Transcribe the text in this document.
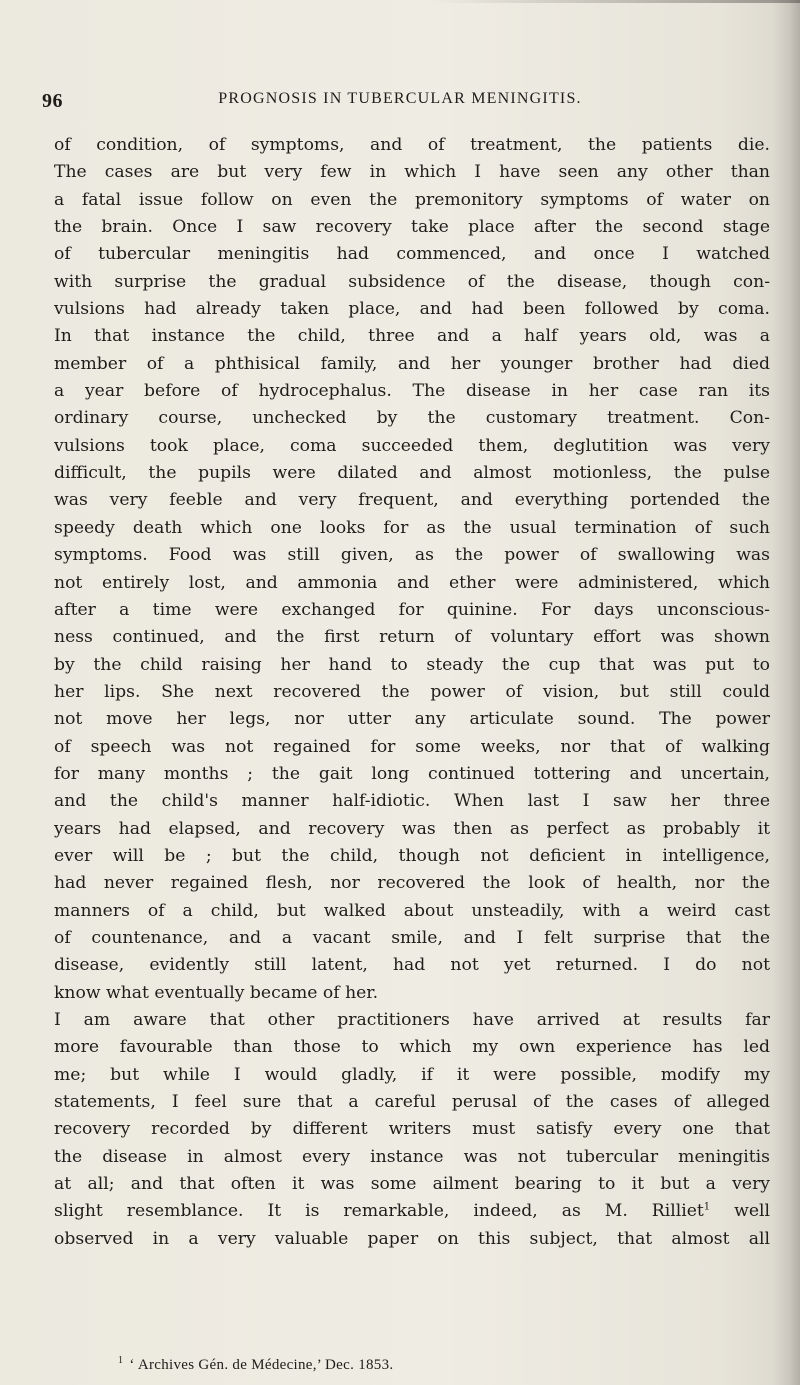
96	PROGNOSIS IN TUBERCULAR MENINGITIS.
of condition, of symptoms, and of treatment, the patients die.
The cases are but very few in which I have seen any other than
a fatal issue follow on even the premonitory symptoms of water on
the brain. Once I saw recovery take place after the second stage
of tubercular meningitis had commenced, and once I watched
with surprise the gradual subsidence of the disease, though con-
vulsions had already taken place, and had been followed by coma.
In that instance the child, three and a half years old, was a
member of a phthisical family, and her younger brother had died
a year before of hydrocephalus. The disease in her case ran its
ordinary course, unchecked by the customary treatment. Con-
vulsions took place, coma succeeded them, deglutition was very
difficult, the pupils were dilated and almost motionless, the pulse
was very feeble and very frequent, and everything portended the
speedy death which one looks for as the usual termination of such
symptoms. Food was still given, as the power of swallowing was
not entirely lost, and ammonia and ether were administered, which
after a time were exchanged for quinine. For days unconscious-
ness continued, and the first return of voluntary effort was shown
by the child raising her hand to steady the cup that was put to
her lips. She next recovered the power of vision, but still could
not move her legs, nor utter any articulate sound. The power
of speech was not regained for some weeks, nor that of walking
for many months ; the gait long continued tottering and uncertain,
and the child's manner half-idiotic. When last I saw her three
years had elapsed, and recovery was then as perfect as probably it
ever will be ; but the child, though not deficient in intelligence,
had never regained flesh, nor recovered the look of health, nor the
manners of a child, but walked about unsteadily, with a weird cast
of countenance, and a vacant smile, and I felt surprise that the
disease, evidently still latent, had not yet returned. I do not
know what eventually became of her.
I am aware that other practitioners have arrived at results far
more favourable than those to which my own experience has led
me; but while I would gladly, if it were possible, modify my
statements, I feel sure that a careful perusal of the cases of alleged
recovery recorded by different writers must satisfy every one that
the disease in almost every instance was not tubercular meningitis
at all; and that often it was some ailment bearing to it but a very
slight resemblance. It is remarkable, indeed, as M. Rilliet$^1$ well
observed in a very valuable paper on this subject, that almost all
$^1$ ‘ Archives Gén. de Médecine,’ Dec. 1853.
